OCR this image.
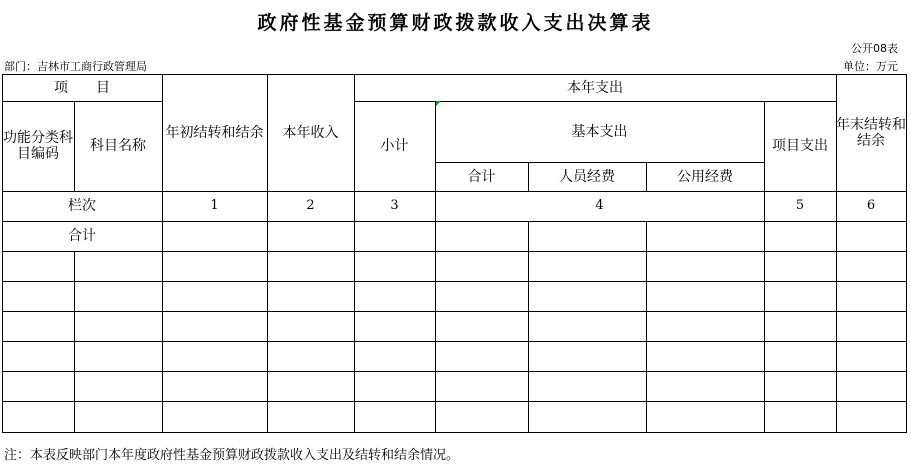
政府性基金预算财政拨款收入支出决算表
公开08表
部门：吉林市工商行政管理局	单位：万元
项　　目
功能分类科目编码	科目名称
年初结转和结余	本年收入
本年支出
小计
基本支出
合计	人员经费	公用经费
项目支出
年末结转和结余
栏次	1	2	3	4	5	6
合计
注：本表反映部门本年度政府性基金预算财政拨款收入支出及结转和结余情况。
